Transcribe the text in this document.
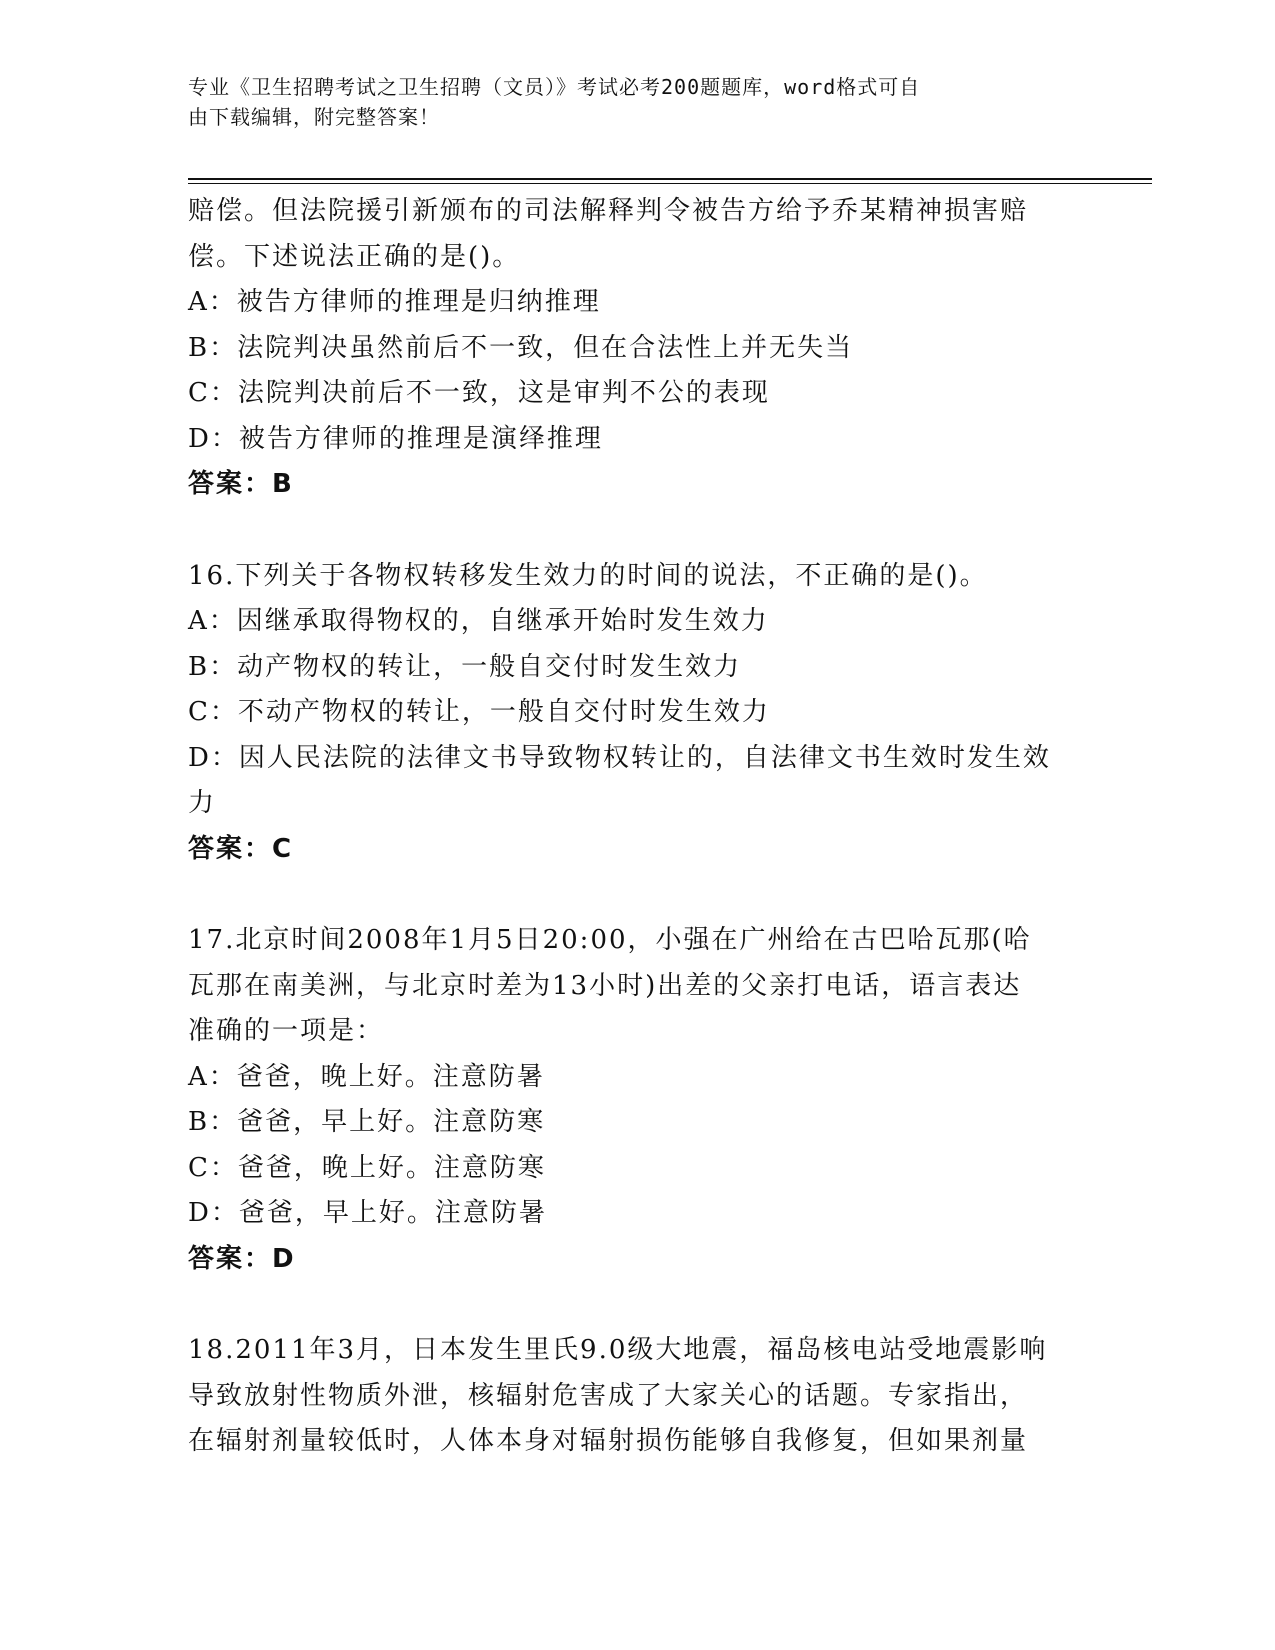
专业《卫生招聘考试之卫生招聘（文员）》考试必考200题题库，word格式可自
由下载编辑，附完整答案！
赔偿。但法院援引新颁布的司法解释判令被告方给予乔某精神损害赔
偿。下述说法正确的是()。
A：被告方律师的推理是归纳推理
B：法院判决虽然前后不一致，但在合法性上并无失当
C：法院判决前后不一致，这是审判不公的表现
D：被告方律师的推理是演绎推理
答案：B
16.下列关于各物权转移发生效力的时间的说法，不正确的是()。
A：因继承取得物权的，自继承开始时发生效力
B：动产物权的转让，一般自交付时发生效力
C：不动产物权的转让，一般自交付时发生效力
D：因人民法院的法律文书导致物权转让的，自法律文书生效时发生效
力
答案：C
17.北京时间2008年1月5日20:00，小强在广州给在古巴哈瓦那(哈
瓦那在南美洲，与北京时差为13小时)出差的父亲打电话，语言表达
准确的一项是：
A：爸爸，晚上好。注意防暑
B：爸爸，早上好。注意防寒
C：爸爸，晚上好。注意防寒
D：爸爸，早上好。注意防暑
答案：D
18.2011年3月，日本发生里氏9.0级大地震，福岛核电站受地震影响
导致放射性物质外泄，核辐射危害成了大家关心的话题。专家指出，
在辐射剂量较低时，人体本身对辐射损伤能够自我修复，但如果剂量
